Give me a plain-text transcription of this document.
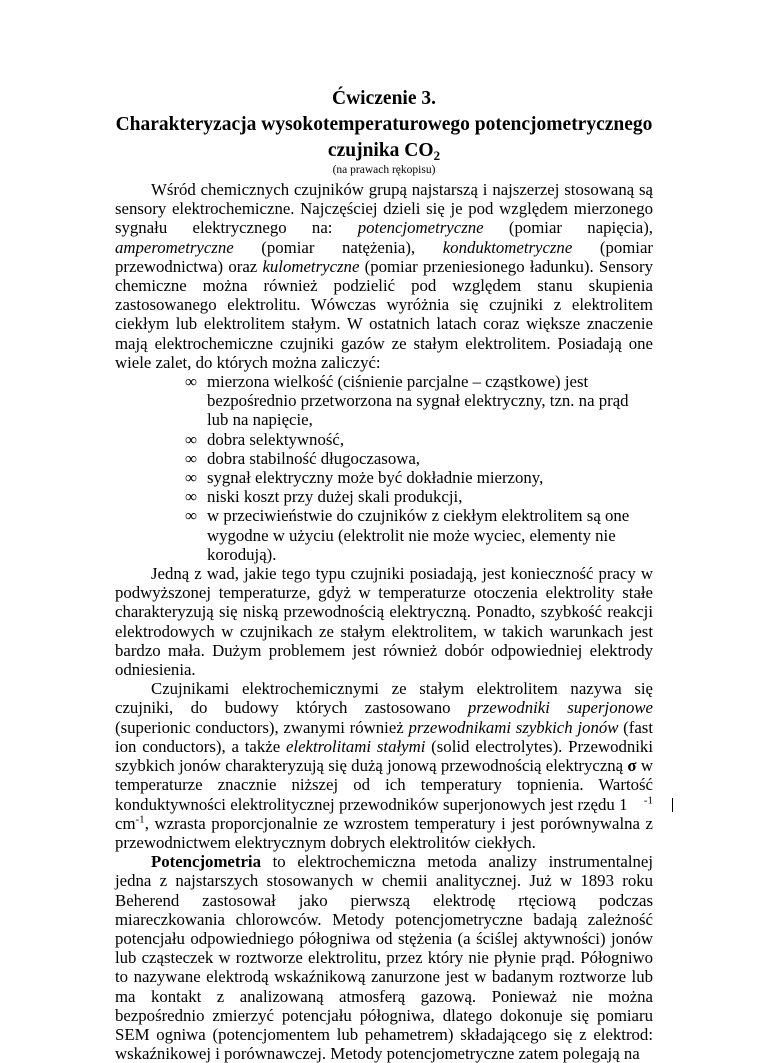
Ćwiczenie 3.
Charakteryzacja wysokotemperaturowego potencjometrycznego
czujnika $CO_2$
(na prawach rękopisu)

Wśród chemicznych czujników grupą najstarszą i najszerzej stosowaną są sensory elektrochemiczne. Najczęściej dzieli się je pod względem mierzonego sygnału elektrycznego na: potencjometryczne (pomiar napięcia), amperometryczne (pomiar natężenia), konduktometryczne (pomiar przewodnictwa) oraz kulometryczne (pomiar przeniesionego ładunku). Sensory chemiczne można również podzielić pod względem stanu skupienia zastosowanego elektrolitu. Wówczas wyróżnia się czujniki z elektrolitem ciekłym lub elektrolitem stałym. W ostatnich latach coraz większe znaczenie mają elektrochemiczne czujniki gazów ze stałym elektrolitem. Posiadają one wiele zalet, do których można zaliczyć:

∞ mierzona wielkość (ciśnienie parcjalne – cząstkowe) jest bezpośrednio przetworzona na sygnał elektryczny, tzn. na prąd lub na napięcie,
∞ dobra selektywność,
∞ dobra stabilność długoczasowa,
∞ sygnał elektryczny może być dokładnie mierzony,
∞ niski koszt przy dużej skali produkcji,
∞ w przeciwieństwie do czujników z ciekłym elektrolitem są one wygodne w użyciu (elektrolit nie może wyciec, elementy nie korodują).

Jedną z wad, jakie tego typu czujniki posiadają, jest konieczność pracy w podwyższonej temperaturze, gdyż w temperaturze otoczenia elektrolity stałe charakteryzują się niską przewodnością elektryczną. Ponadto, szybkość reakcji elektrodowych w czujnikach ze stałym elektrolitem, w takich warunkach jest bardzo mała. Dużym problemem jest również dobór odpowiedniej elektrody odniesienia.

Czujnikami elektrochemicznymi ze stałym elektrolitem nazywa się czujniki, do budowy których zastosowano przewodniki superjonowe (superionic conductors), zwanymi również przewodnikami szybkich jonów (fast ion conductors), a także elektrolitami stałymi (solid electrolytes). Przewodniki szybkich jonów charakteryzują się dużą jonową przewodnością elektryczną σ w temperaturze znacznie niższej od ich temperatury topnienia. Wartość konduktywności elektrolitycznej przewodników superjonowych jest rzędu 1 $^{-1}$ $cm^{-1}$, wzrasta proporcjonalnie ze wzrostem temperatury i jest porównywalna z przewodnictwem elektrycznym dobrych elektrolitów ciekłych.

Potencjometria to elektrochemiczna metoda analizy instrumentalnej jedna z najstarszych stosowanych w chemii analitycznej. Już w 1893 roku Beherend zastosował jako pierwszą elektrodę rtęciową podczas miareczkowania chlorowców. Metody potencjometryczne badają zależność potencjału odpowiedniego półogniwa od stężenia (a ściślej aktywności) jonów lub cząsteczek w roztworze elektrolitu, przez który nie płynie prąd. Półogniwo to nazywane elektrodą wskaźnikową zanurzone jest w badanym roztworze lub ma kontakt z analizowaną atmosferą gazową. Ponieważ nie można bezpośrednio zmierzyć potencjału półogniwa, dlatego dokonuje się pomiaru SEM ogniwa (potencjomentem lub pehametrem) składającego się z elektrod: wskaźnikowej i porównawczej. Metody potencjometryczne zatem polegają na
